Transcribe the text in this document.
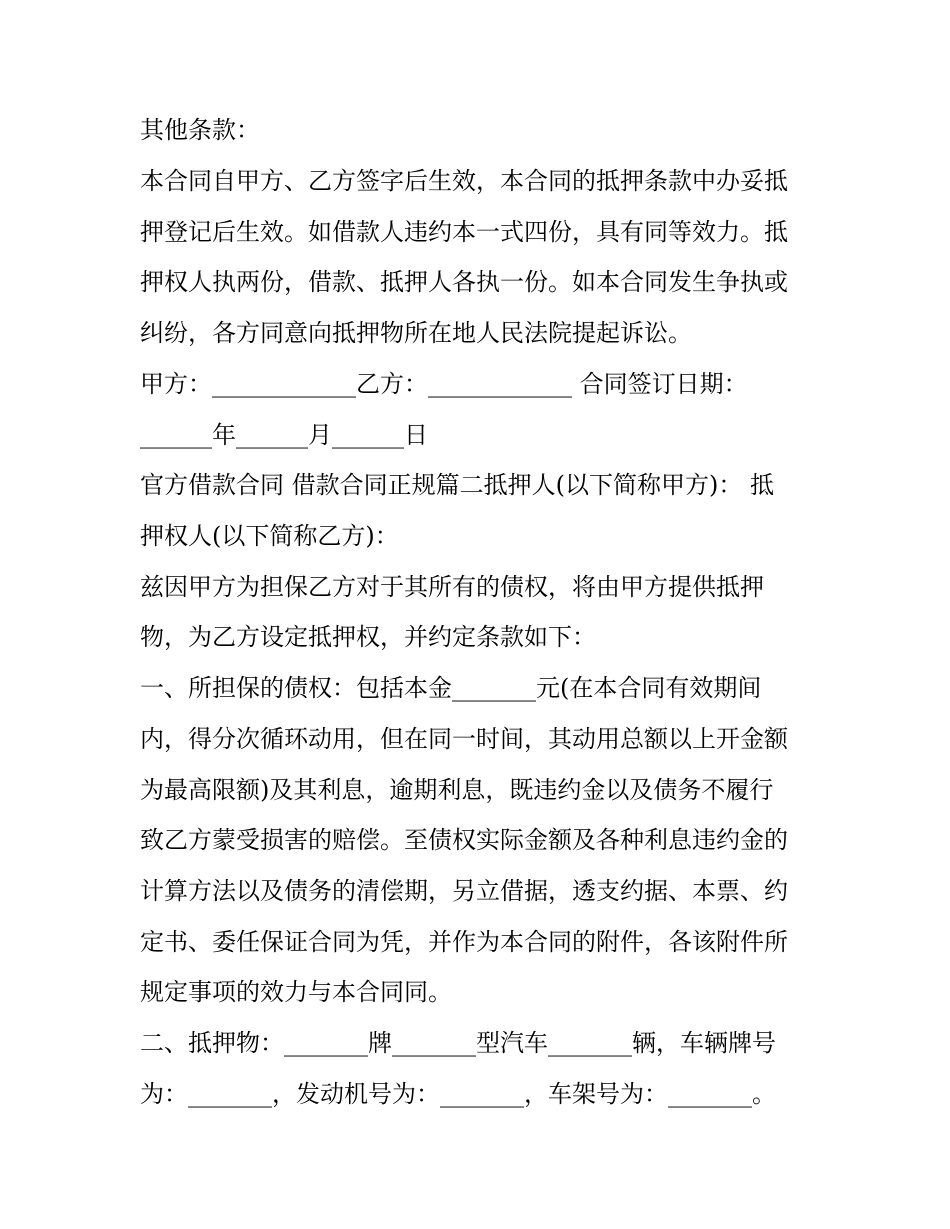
其他条款：
本合同自甲方、乙方签字后生效，本合同的抵押条款中办妥抵
押登记后生效。如借款人违约本一式四份，具有同等效力。抵
押权人执两份，借款、抵押人各执一份。如本合同发生争执或
纠纷，各方同意向抵押物所在地人民法院提起诉讼。
甲方：____________乙方：____________ 合同签订日期：
______年______月______日
官方借款合同 借款合同正规篇二抵押人(以下简称甲方)： 抵
押权人(以下简称乙方)：
兹因甲方为担保乙方对于其所有的债权，将由甲方提供抵押
物，为乙方设定抵押权，并约定条款如下：
一、所担保的债权：包括本金_______元(在本合同有效期间
内，得分次循环动用，但在同一时间，其动用总额以上开金额
为最高限额)及其利息，逾期利息，既违约金以及债务不履行
致乙方蒙受损害的赔偿。至债权实际金额及各种利息违约金的
计算方法以及债务的清偿期，另立借据，透支约据、本票、约
定书、委任保证合同为凭，并作为本合同的附件，各该附件所
规定事项的效力与本合同同。
二、抵押物：_______牌_______型汽车_______辆，车辆牌号
为：_______，发动机号为：_______，车架号为：_______。
